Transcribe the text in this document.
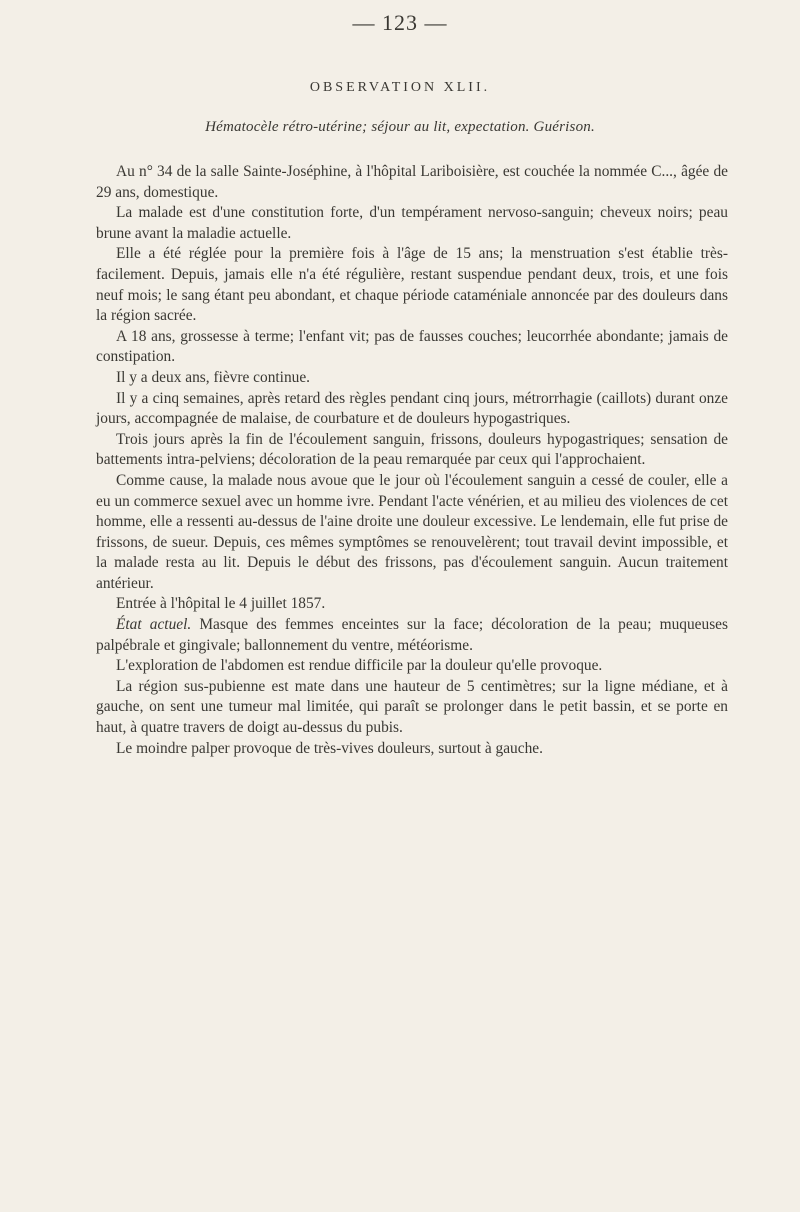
— 123 —
OBSERVATION XLII.
Hématocèle rétro-utérine; séjour au lit, expectation. Guérison.

Au n° 34 de la salle Sainte-Joséphine, à l'hôpital Lariboisière, est couchée la nommée C..., âgée de 29 ans, domestique.

La malade est d'une constitution forte, d'un tempérament nervoso-sanguin; cheveux noirs; peau brune avant la maladie actuelle.

Elle a été réglée pour la première fois à l'âge de 15 ans; la menstruation s'est établie très-facilement. Depuis, jamais elle n'a été régulière, restant suspendue pendant deux, trois, et une fois neuf mois; le sang étant peu abondant, et chaque période cataméniale annoncée par des douleurs dans la région sacrée.

A 18 ans, grossesse à terme; l'enfant vit; pas de fausses couches; leucorrhée abondante; jamais de constipation.

Il y a deux ans, fièvre continue.

Il y a cinq semaines, après retard des règles pendant cinq jours, métrorrhagie (caillots) durant onze jours, accompagnée de malaise, de courbature et de douleurs hypogastriques.

Trois jours après la fin de l'écoulement sanguin, frissons, douleurs hypogastriques; sensation de battements intra-pelviens; décoloration de la peau remarquée par ceux qui l'approchaient.

Comme cause, la malade nous avoue que le jour où l'écoulement sanguin a cessé de couler, elle a eu un commerce sexuel avec un homme ivre. Pendant l'acte vénérien, et au milieu des violences de cet homme, elle a ressenti au-dessus de l'aine droite une douleur excessive. Le lendemain, elle fut prise de frissons, de sueur. Depuis, ces mêmes symptômes se renouvelèrent; tout travail devint impossible, et la malade resta au lit. Depuis le début des frissons, pas d'écoulement sanguin. Aucun traitement antérieur.

Entrée à l'hôpital le 4 juillet 1857.

État actuel. Masque des femmes enceintes sur la face; décoloration de la peau; muqueuses palpébrale et gingivale; ballonnement du ventre, météorisme.

L'exploration de l'abdomen est rendue difficile par la douleur qu'elle provoque.

La région sus-pubienne est mate dans une hauteur de 5 centimètres; sur la ligne médiane, et à gauche, on sent une tumeur mal limitée, qui paraît se prolonger dans le petit bassin, et se porte en haut, à quatre travers de doigt au-dessus du pubis.

Le moindre palper provoque de très-vives douleurs, surtout à gauche.
